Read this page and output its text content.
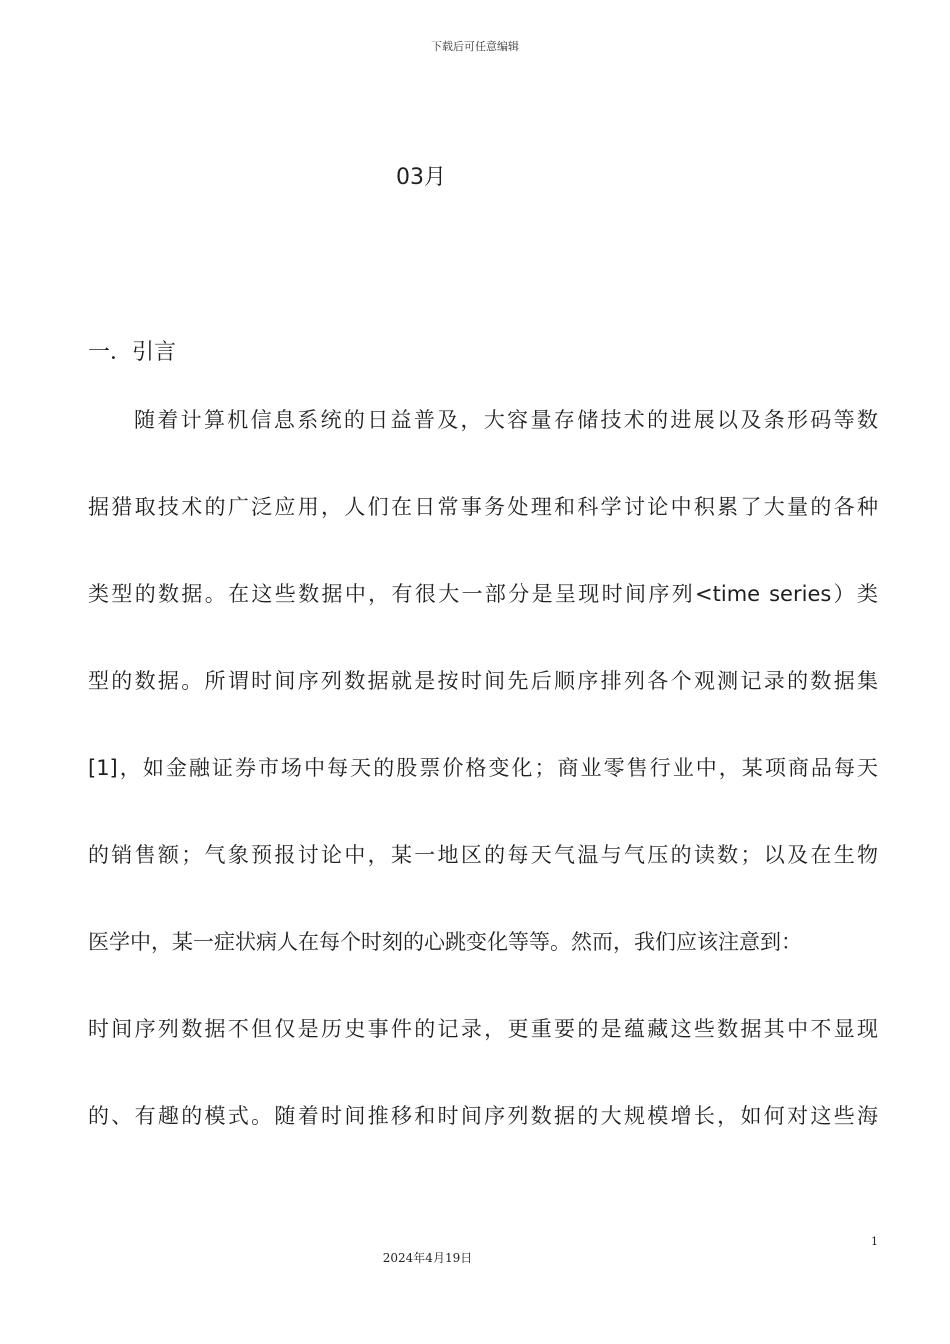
下载后可任意编辑
03月
一．引言
随着计算机信息系统的日益普及，大容量存储技术的进展以及条形码等数
据猎取技术的广泛应用，人们在日常事务处理和科学讨论中积累了大量的各种
类型的数据。在这些数据中，有很大一部分是呈现时间序列<time series）类
型的数据。所谓时间序列数据就是按时间先后顺序排列各个观测记录的数据集
[1]，如金融证券市场中每天的股票价格变化；商业零售行业中，某项商品每天
的销售额；气象预报讨论中，某一地区的每天气温与气压的读数；以及在生物
医学中，某一症状病人在每个时刻的心跳变化等等。然而，我们应该注意到：
时间序列数据不但仅是历史事件的记录，更重要的是蕴藏这些数据其中不显现
的、有趣的模式。随着时间推移和时间序列数据的大规模增长，如何对这些海
1
2024年4月19日
